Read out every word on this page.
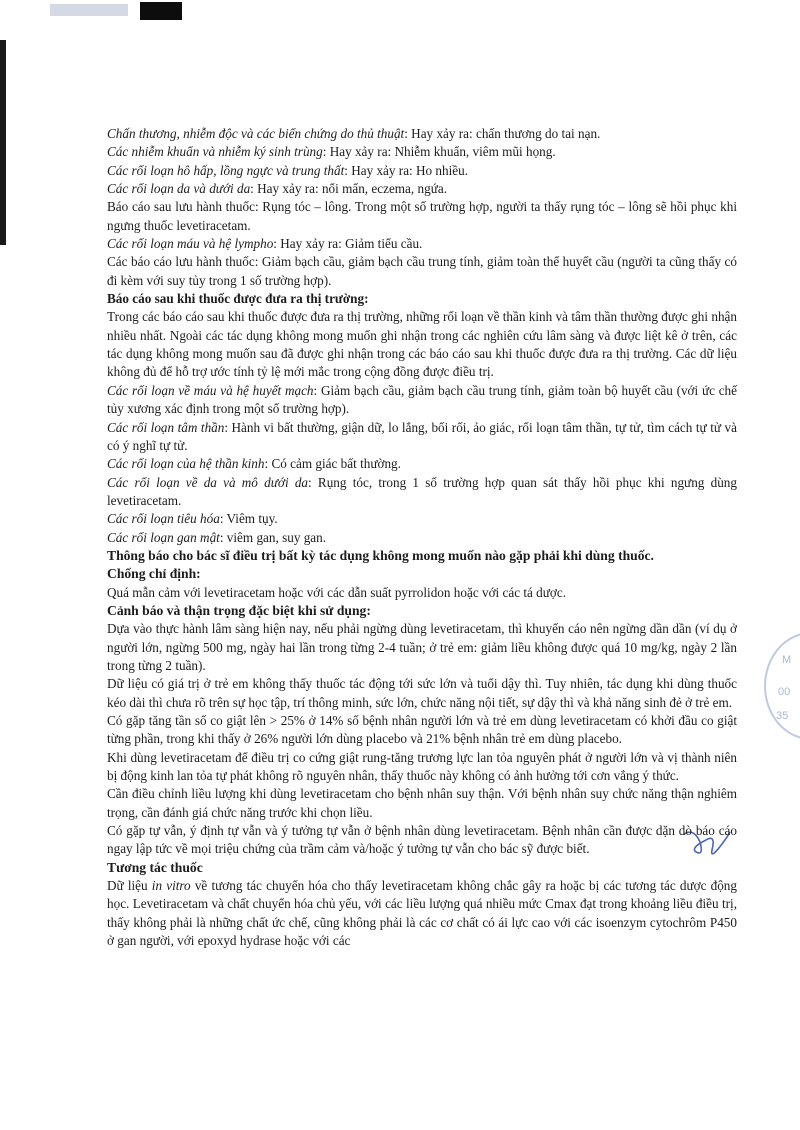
M
00
35

Chấn thương, nhiễm độc và các biến chứng do thủ thuật: Hay xảy ra: chấn thương do tai nạn.

Các nhiễm khuẩn và nhiễm ký sinh trùng: Hay xảy ra: Nhiễm khuẩn, viêm mũi họng.

Các rối loạn hô hấp, lồng ngực và trung thất: Hay xảy ra: Ho nhiều.

Các rối loạn da và dưới da: Hay xảy ra: nổi mẩn, eczema, ngứa.

Báo cáo sau lưu hành thuốc: Rụng tóc – lông. Trong một số trường hợp, người ta thấy rụng tóc – lông sẽ hồi phục khi ngưng thuốc levetiracetam.

Các rối loạn máu và hệ lympho: Hay xảy ra: Giảm tiểu cầu.

Các báo cáo lưu hành thuốc: Giảm bạch cầu, giảm bạch cầu trung tính, giảm toàn thể huyết cầu (người ta cũng thấy có đi kèm với suy tủy trong 1 số trường hợp).

Báo cáo sau khi thuốc được đưa ra thị trường:

Trong các báo cáo sau khi thuốc được đưa ra thị trường, những rối loạn về thần kinh và tâm thần thường được ghi nhận nhiều nhất. Ngoài các tác dụng không mong muốn ghi nhận trong các nghiên cứu lâm sàng và được liệt kê ở trên, các tác dụng không mong muốn sau đã được ghi nhận trong các báo cáo sau khi thuốc được đưa ra thị trường. Các dữ liệu không đủ để hỗ trợ ước tính tỷ lệ mới mắc trong cộng đồng được điều trị.

Các rối loạn về máu và hệ huyết mạch: Giảm bạch cầu, giảm bạch cầu trung tính, giảm toàn bộ huyết cầu (với ức chế tủy xương xác định trong một số trường hợp).

Các rối loạn tâm thần: Hành vi bất thường, giận dữ, lo lắng, bối rối, ảo giác, rối loạn tâm thần, tự tử, tìm cách tự tử và có ý nghĩ tự tử.

Các rối loạn của hệ thần kinh: Có cảm giác bất thường.

Các rối loạn về da và mô dưới da: Rụng tóc, trong 1 số trường hợp quan sát thấy hồi phục khi ngưng dùng levetiracetam.

Các rối loạn tiêu hóa: Viêm tụy.

Các rối loạn gan mật: viêm gan, suy gan.

Thông báo cho bác sĩ điều trị bất kỳ tác dụng không mong muốn nào gặp phải khi dùng thuốc.

Chống chỉ định:

Quá mẫn cảm với levetiracetam hoặc với các dẫn suất pyrrolidon hoặc với các tá dược.

Cảnh báo và thận trọng đặc biệt khi sử dụng:

Dựa vào thực hành lâm sàng hiện nay, nếu phải ngừng dùng levetiracetam, thì khuyến cáo nên ngừng dần dần (ví dụ ở người lớn, ngừng 500 mg, ngày hai lần trong từng 2-4 tuần; ở trẻ em: giảm liều không được quá 10 mg/kg, ngày 2 lần trong từng 2 tuần).

Dữ liệu có giá trị ở trẻ em không thấy thuốc tác động tới sức lớn và tuổi dậy thì. Tuy nhiên, tác dụng khi dùng thuốc kéo dài thì chưa rõ trên sự học tập, trí thông minh, sức lớn, chức năng nội tiết, sự dậy thì và khả năng sinh đẻ ở trẻ em.

Có gặp tăng tần số co giật lên > 25% ở 14% số bệnh nhân người lớn và trẻ em dùng levetiracetam có khởi đầu co giật từng phần, trong khi thấy ở 26% người lớn dùng placebo và 21% bệnh nhân trẻ em dùng placebo.

Khi dùng levetiracetam để điều trị co cứng giật rung-tăng trương lực lan tỏa nguyên phát ở người lớn và vị thành niên bị động kinh lan tỏa tự phát không rõ nguyên nhân, thấy thuốc này không có ảnh hưởng tới cơn vắng ý thức.

Cần điều chỉnh liều lượng khi dùng levetiracetam cho bệnh nhân suy thận. Với bệnh nhân suy chức năng thận nghiêm trọng, cần đánh giá chức năng trước khi chọn liều.

Có gặp tự vẫn, ý định tự vẫn và ý tưởng tự vẫn ở bệnh nhân dùng levetiracetam. Bệnh nhân cần được dặn dò báo cáo ngay lập tức về mọi triệu chứng của trầm cảm và/hoặc ý tưởng tự vẫn cho bác sỹ được biết.

Tương tác thuốc

Dữ liệu in vitro về tương tác chuyển hóa cho thấy levetiracetam không chắc gây ra hoặc bị các tương tác dược động học. Levetiracetam và chất chuyển hóa chủ yếu, với các liều lượng quá nhiều mức Cmax đạt trong khoảng liều điều trị, thấy không phải là những chất ức chế, cũng không phải là các cơ chất có ái lực cao với các isoenzym cytochrôm P450 ở gan người, với epoxyd hydrase hoặc với các
